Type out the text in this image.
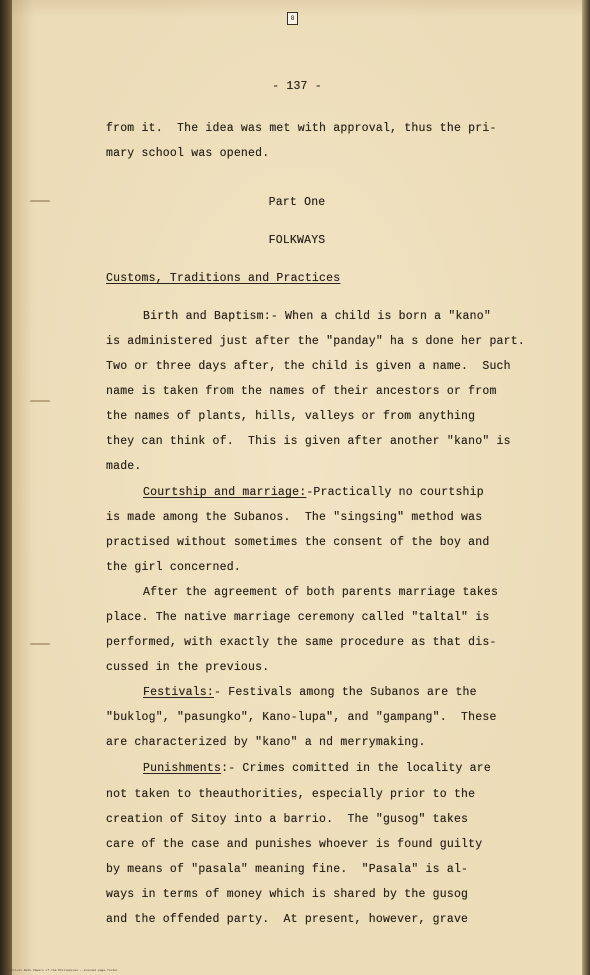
8

- 137 -

from it.  The idea was met with approval, thus the pri-

mary school was opened.

Part One

FOLKWAYS

Customs, Traditions and Practices

Birth and Baptism:- When a child is born a "kano"

is administered just after the "panday" ha s done her part.

Two or three days after, the child is given a name.  Such

name is taken from the names of their ancestors or from

the names of plants, hills, valleys or from anything

they can think of.  This is given after another "kano" is

made.

Courtship and marriage:-Practically no courtship

is made among the Subanos.  The "singsing" method was

practised without sometimes the consent of the boy and

the girl concerned.

After the agreement of both parents marriage takes

place. The native marriage ceremony called "taltal" is

performed, with exactly the same procedure as that dis-

cussed in the previous.

Festivals:- Festivals among the Subanos are the

"buklog", "pasungko", Kano-lupa", and "gampang".  These

are characterized by "kano" a nd merrymaking.

Punishments:- Crimes comitted in the locality are

not taken to theauthorities, especially prior to the

creation of Sitoy into a barrio.  The "gusog" takes

care of the case and punishes whoever is found guilty

by means of "pasala" meaning fine.  "Pasala" is al-

ways in terms of money which is shared by the gusog

and the offended party.  At present, however, grave

Historical Data Papers of the Philippines — scanned page footer
